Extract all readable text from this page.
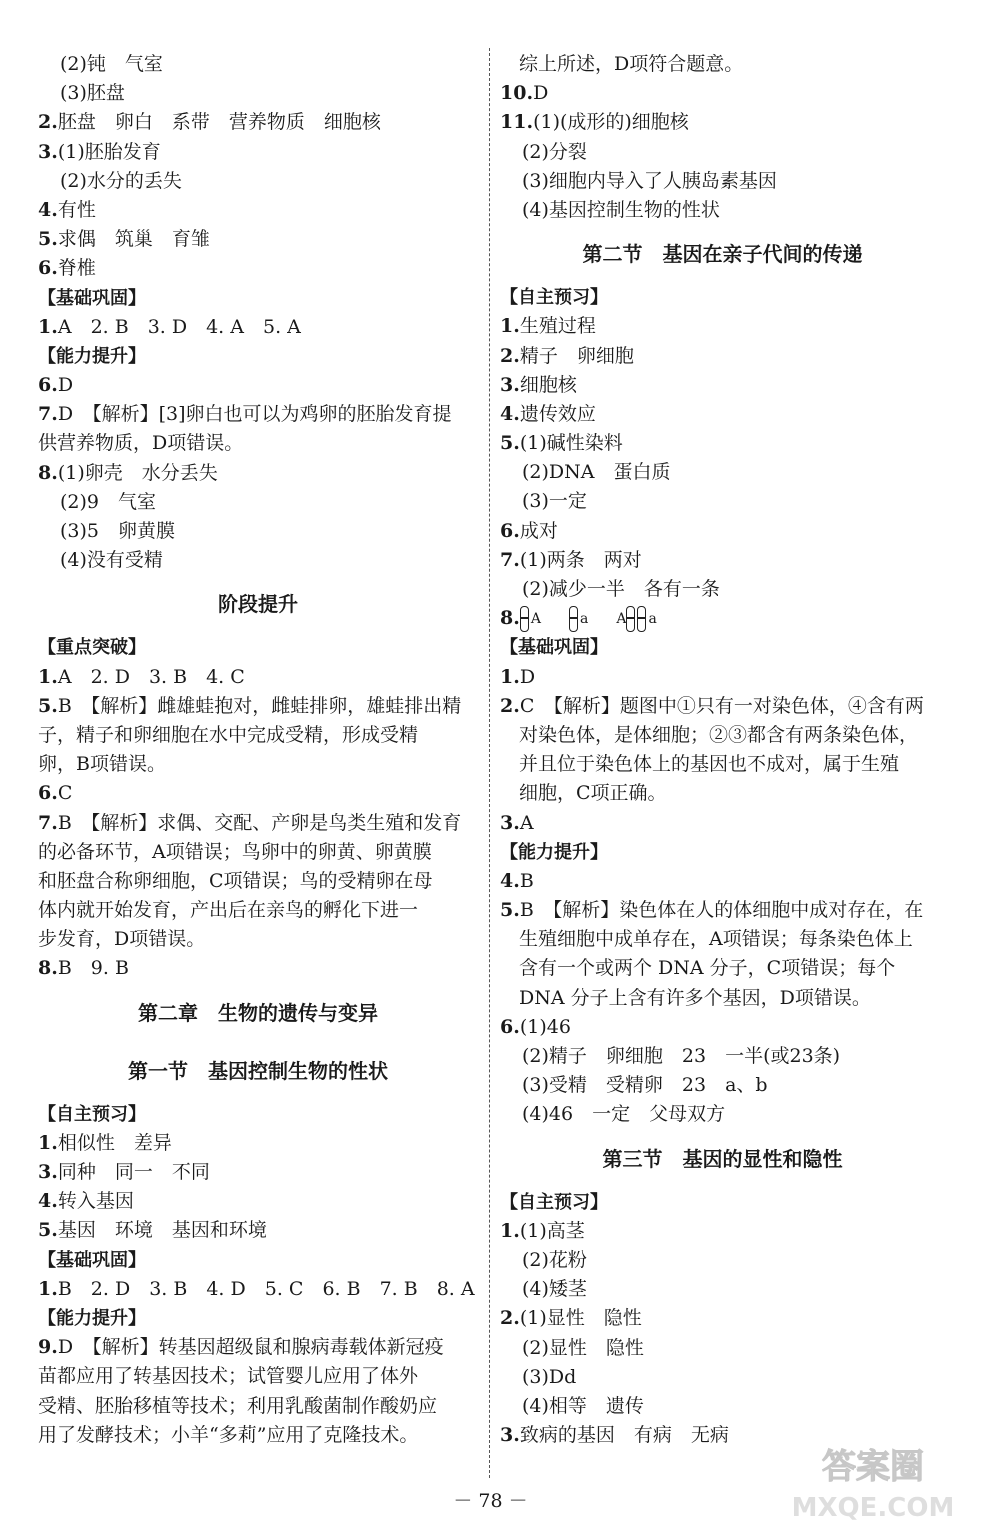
(2)钝　气室
(3)胚盘
2.胚盘　卵白　系带　营养物质　细胞核
3.(1)胚胎发育
(2)水分的丢失
4.有性
5.求偶　筑巢　育雏
6.脊椎
【基础巩固】
1.A　2. B　3. D　4. A　5. A
【能力提升】
6.D
7.D　【解析】[3]卵白也可以为鸡卵的胚胎发育提
供营养物质，D项错误。
8.(1)卵壳　水分丢失
(2)9　气室
(3)5　卵黄膜
(4)没有受精
阶段提升
【重点突破】
1.A　2. D　3. B　4. C
5.B　【解析】雌雄蛙抱对，雌蛙排卵，雄蛙排出精
子，精子和卵细胞在水中完成受精，形成受精
卵，B项错误。
6.C
7.B　【解析】求偶、交配、产卵是鸟类生殖和发育
的必备环节，A项错误；鸟卵中的卵黄、卵黄膜
和胚盘合称卵细胞，C项错误；鸟的受精卵在母
体内就开始发育，产出后在亲鸟的孵化下进一
步发育，D项错误。
8.B　9. B
第二章　生物的遗传与变异
第一节　基因控制生物的性状
【自主预习】
1.相似性　差异
3.同种　同一　不同
4.转入基因
5.基因　环境　基因和环境
【基础巩固】
1.B　2. D　3. B　4. D　5. C　6. B　7. B　8. A
【能力提升】
9.D　【解析】转基因超级鼠和腺病毒载体新冠疫
苗都应用了转基因技术；试管婴儿应用了体外
受精、胚胎移植等技术；利用乳酸菌制作酸奶应
用了发酵技术；小羊“多莉”应用了克隆技术。
　综上所述，D项符合题意。
10.D
11.(1)(成形的)细胞核
(2)分裂
(3)细胞内导入了人胰岛素基因
(4)基因控制生物的性状
第二节　基因在亲子代间的传递
【自主预习】
1.生殖过程
2.精子　卵细胞
3.细胞核
4.遗传效应
5.(1)碱性染料
(2)DNA　蛋白质
(3)一定
6.成对
7.(1)两条　两对
(2)减少一半　各有一条
8. A	a A a
【基础巩固】
1.D
2.C　【解析】题图中①只有一对染色体，④含有两
　对染色体，是体细胞；②③都含有两条染色体，
　并且位于染色体上的基因也不成对，属于生殖
　细胞，C项正确。
3.A
【能力提升】
4.B
5.B　【解析】染色体在人的体细胞中成对存在，在
　生殖细胞中成单存在，A项错误；每条染色体上
　含有一个或两个 DNA 分子，C项错误；每个
　DNA 分子上含有许多个基因，D项错误。
6.(1)46
(2)精子　卵细胞　23　一半(或23条)
(3)受精　受精卵　23　a、b
(4)46　一定　父母双方
第三节　基因的显性和隐性
【自主预习】
1.(1)高茎
(2)花粉
(4)矮茎
2.(1)显性　隐性
(2)显性　隐性
(3)Dd
(4)相等　遗传
3.致病的基因　有病　无病
－ 78 －
答案圈
MXQE.COM
